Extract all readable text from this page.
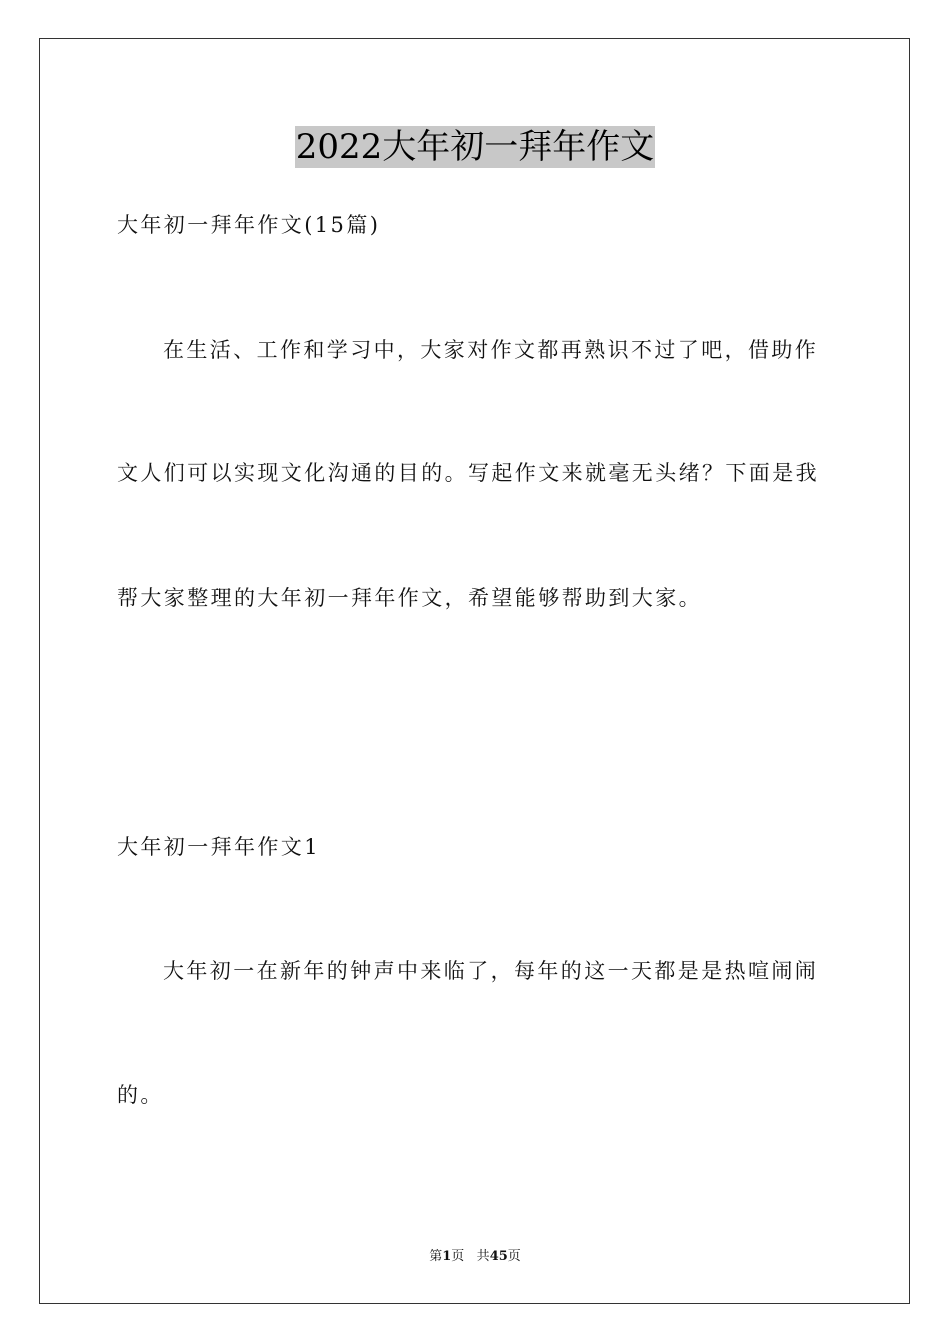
2022大年初一拜年作文
大年初一拜年作文(15篇)
在生活、工作和学习中，大家对作文都再熟识不过了吧，借助作
文人们可以实现文化沟通的目的。写起作文来就毫无头绪？下面是我
帮大家整理的大年初一拜年作文，希望能够帮助到大家。
大年初一拜年作文1
大年初一在新年的钟声中来临了，每年的这一天都是是热喧闹闹
的。
第1页 共45页
